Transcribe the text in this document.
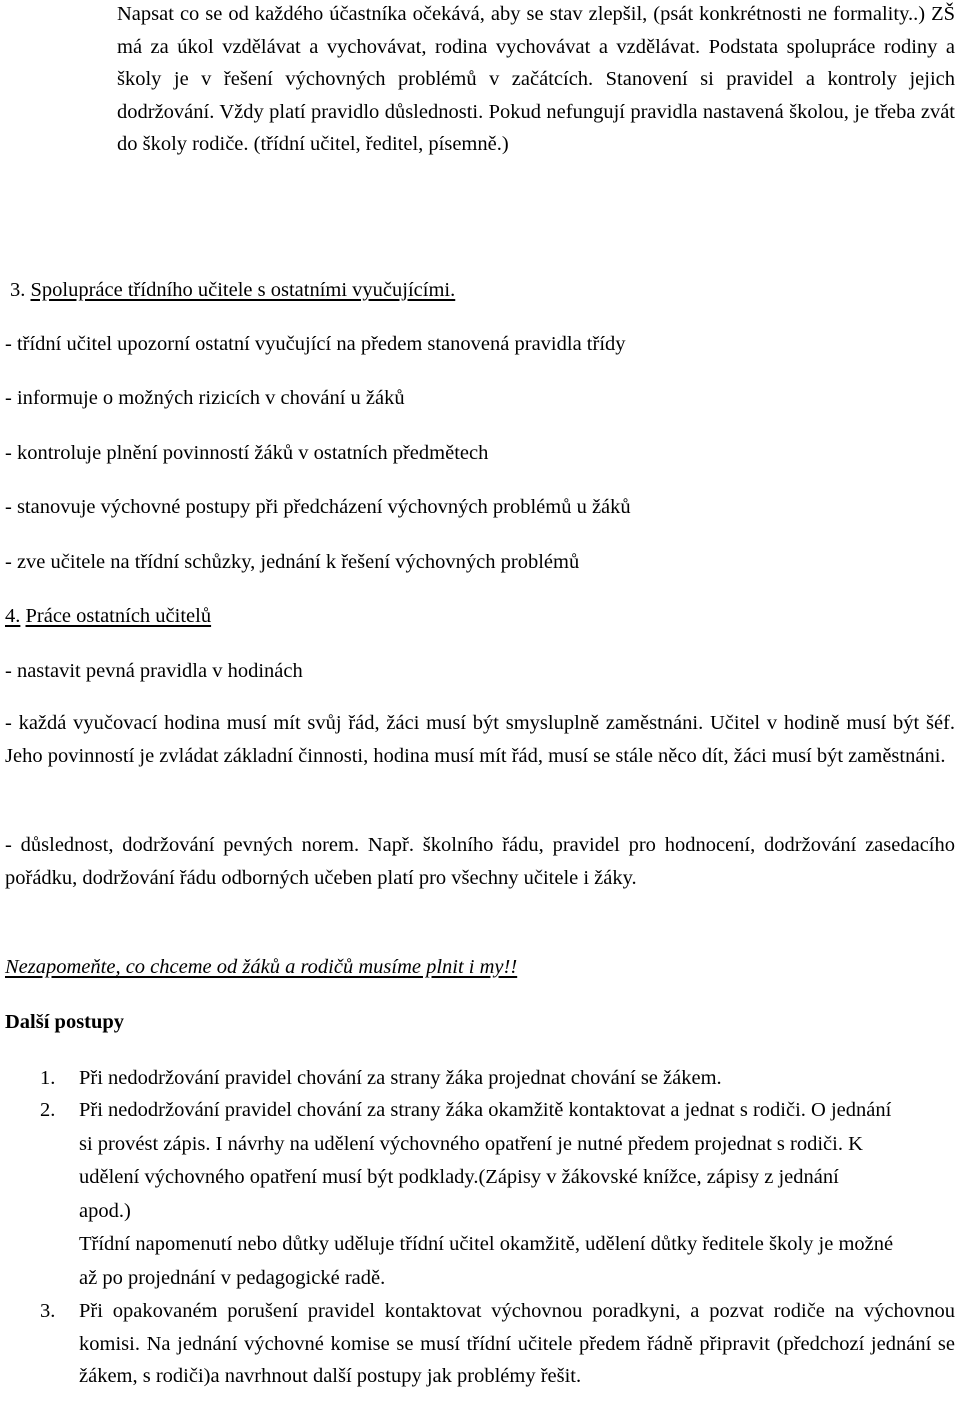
Napsat co se od každého účastníka očekává, aby se stav zlepšil, (psát konkrétnosti ne formality..) ZŠ má za úkol vzdělávat a vychovávat, rodina vychovávat a vzdělávat. Podstata spolupráce rodiny a školy je v řešení výchovných problémů v začátcích. Stanovení si pravidel a kontroly jejich dodržování. Vždy platí pravidlo důslednosti. Pokud nefungují pravidla nastavená školou, je třeba zvát do školy rodiče. (třídní učitel, ředitel, písemně.)

3. Spolupráce třídního učitele s ostatními vyučujícími.
- třídní učitel upozorní ostatní vyučující na předem stanovená pravidla třídy
- informuje o možných rizicích v chování u žáků
- kontroluje plnění povinností žáků v ostatních předmětech
- stanovuje výchovné postupy při předcházení výchovných problémů u žáků
- zve učitele na třídní schůzky, jednání k řešení výchovných problémů
4. Práce ostatních učitelů
- nastavit pevná pravidla v hodinách

- každá vyučovací hodina musí mít svůj řád, žáci musí být smysluplně zaměstnáni. Učitel v hodině musí být šéf. Jeho povinností je zvládat základní činnosti, hodina musí mít řád, musí se stále něco dít, žáci musí být zaměstnáni.

- důslednost, dodržování pevných norem. Např. školního řádu, pravidel pro hodnocení, dodržování zasedacího pořádku, dodržování řádu odborných učeben platí pro všechny učitele i žáky.

Nezapomeňte, co chceme od žáků a rodičů musíme plnit i my!!
Další postupy
1. Při nedodržování pravidel chování za strany žáka projednat chování se žákem.
2. Při nedodržování pravidel chování za strany žáka okamžitě kontaktovat a jednat s rodiči. O jednání si provést zápis. I návrhy na udělení výchovného opatření je nutné předem projednat s rodiči. K udělení výchovného opatření musí být podklady.(Zápisy v žákovské knížce, zápisy z jednání apod.)
Třídní napomenutí nebo důtky uděluje třídní učitel okamžitě, udělení důtky ředitele školy je možné až po projednání v pedagogické radě.
3. Při opakovaném porušení pravidel kontaktovat výchovnou poradkyni, a pozvat rodiče na výchovnou komisi. Na jednání výchovné komise se musí třídní učitele předem řádně připravit (předchozí jednání se žákem, s rodiči)a navrhnout další postupy jak problémy řešit.
